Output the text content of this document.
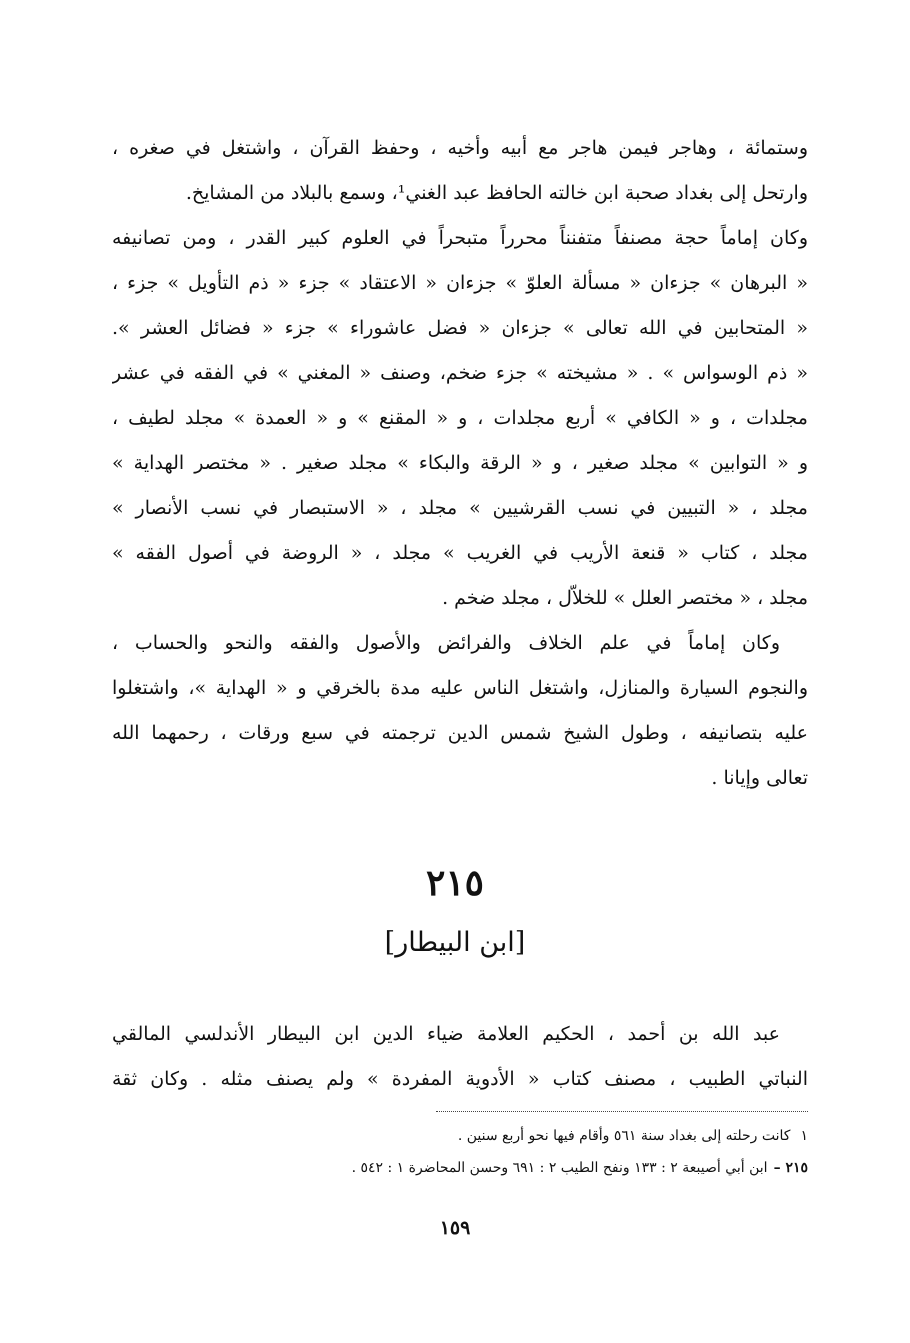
وستمائة ، وهاجر فيمن هاجر مع أبيه وأخيه ، وحفظ القرآن ، واشتغل في صغره ،
وارتحل إلى بغداد صحبة ابن خالته الحافظ عبد الغني¹، وسمع بالبلاد من المشايخ.
وكان إماماً حجة مصنفاً متفنناً محرراً متبحراً في العلوم كبير القدر ، ومن تصانيفه
« البرهان » جزءان « مسألة العلوّ » جزءان « الاعتقاد » جزء « ذم التأويل » جزء ،
« المتحابين في الله تعالى » جزءان « فضل عاشوراء » جزء « فضائل العشر ».
« ذم الوسواس » . « مشيخته » جزء ضخم، وصنف « المغني » في الفقه في عشر
مجلدات ، و « الكافي » أربع مجلدات ، و « المقنع » و « العمدة » مجلد لطيف ،
و « التوابين » مجلد صغير ، و « الرقة والبكاء » مجلد صغير . « مختصر الهداية »
مجلد ، « التبيين في نسب القرشيين » مجلد ، « الاستبصار في نسب الأنصار »
مجلد ، كتاب « قنعة الأريب في الغريب » مجلد ، « الروضة في أصول الفقه »
مجلد ، « مختصر العلل » للخلاّل ، مجلد ضخم .
وكان إماماً في علم الخلاف والفرائض والأصول والفقه والنحو والحساب ،
والنجوم السيارة والمنازل، واشتغل الناس عليه مدة بالخرقي و « الهداية »، واشتغلوا
عليه بتصانيفه ، وطول الشيخ شمس الدين ترجمته في سبع ورقات ، رحمهما الله
تعالى وإيانا .
٢١٥
[ابن البيطار]
عبد الله بن أحمد ، الحكيم العلامة ضياء الدين ابن البيطار الأندلسي المالقي
النباتي الطبيب ، مصنف كتاب « الأدوية المفردة » ولم يصنف مثله . وكان ثقة
١كانت رحلته إلى بغداد سنة ٥٦١ وأقام فيها نحو أربع سنين .
٢١٥ –ابن أبي أصيبعة ٢ : ١٣٣ ونفح الطيب ٢ : ٦٩١ وحسن المحاضرة ١ : ٥٤٢ .
١٥٩
